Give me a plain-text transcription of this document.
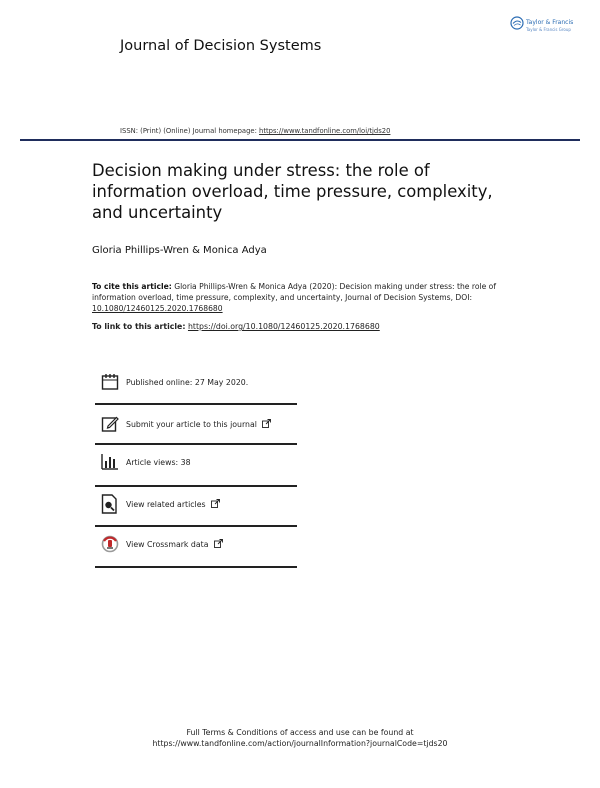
Journal of Decision Systems
Taylor & Francis
Taylor & Francis Group
ISSN: (Print) (Online) Journal homepage: https://www.tandfonline.com/loi/tjds20
Decision making under stress: the role of information overload, time pressure, complexity, and uncertainty
Gloria Phillips-Wren & Monica Adya
To cite this article: Gloria Phillips-Wren & Monica Adya (2020): Decision making under stress: the role of information overload, time pressure, complexity, and uncertainty, Journal of Decision Systems, DOI: 10.1080/12460125.2020.1768680
To link to this article: https://doi.org/10.1080/12460125.2020.1768680
Published online: 27 May 2020.
Submit your article to this journal
Article views: 38
View related articles
View Crossmark data
Full Terms & Conditions of access and use can be found at
https://www.tandfonline.com/action/journalInformation?journalCode=tjds20
